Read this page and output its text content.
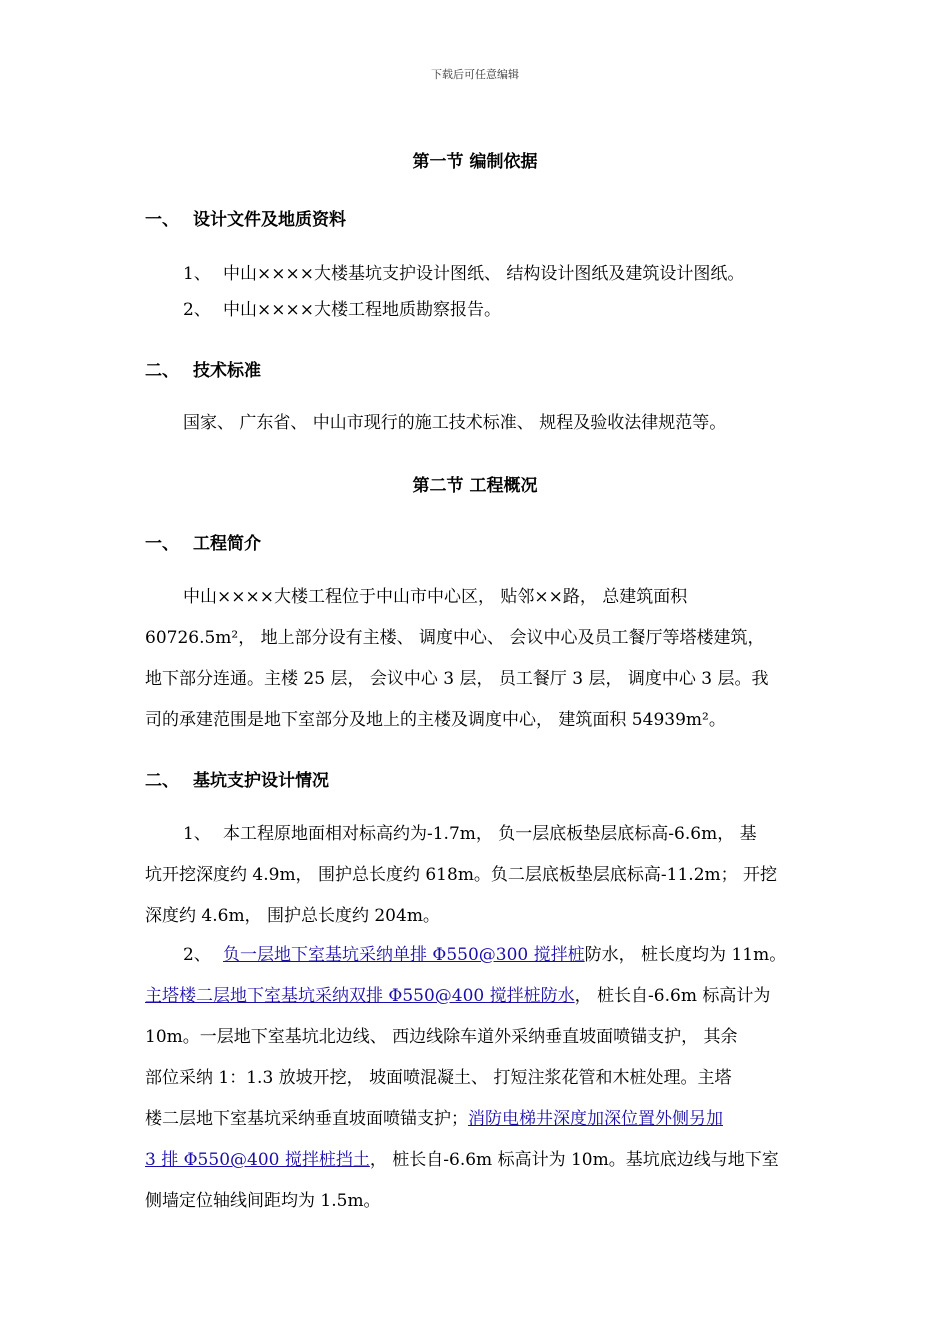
下载后可任意编辑
第一节 编制依据
一、 设计文件及地质资料
1、 中山××××大楼基坑支护设计图纸、 结构设计图纸及建筑设计图纸。
2、 中山××××大楼工程地质勘察报告。
二、 技术标准
国家、 广东省、 中山市现行的施工技术标准、 规程及验收法律规范等。
第二节 工程概况
一、 工程简介
中山××××大楼工程位于中山市中心区， 贴邻××路， 总建筑面积
60726.5m²， 地上部分设有主楼、 调度中心、 会议中心及员工餐厅等塔楼建筑，
地下部分连通。主楼 25 层， 会议中心 3 层， 员工餐厅 3 层， 调度中心 3 层。我
司的承建范围是地下室部分及地上的主楼及调度中心， 建筑面积 54939m²。
二、 基坑支护设计情况
1、 本工程原地面相对标高约为-1.7m， 负一层底板垫层底标高-6.6m， 基
坑开挖深度约 4.9m， 围护总长度约 618m。负二层底板垫层底标高-11.2m； 开挖
深度约 4.6m， 围护总长度约 204m。
2、 负一层地下室基坑采纳单排 Φ550@300 搅拌桩防水， 桩长度均为 11m。
主塔楼二层地下室基坑采纳双排 Φ550@400 搅拌桩防水， 桩长自-6.6m 标高计为
10m。一层地下室基坑北边线、 西边线除车道外采纳垂直坡面喷锚支护， 其余
部位采纳 1：1.3 放坡开挖， 坡面喷混凝土、 打短注浆花管和木桩处理。主塔
楼二层地下室基坑采纳垂直坡面喷锚支护；消防电梯井深度加深位置外侧另加
3 排 Φ550@400 搅拌桩挡土， 桩长自-6.6m 标高计为 10m。基坑底边线与地下室
侧墙定位轴线间距均为 1.5m。
